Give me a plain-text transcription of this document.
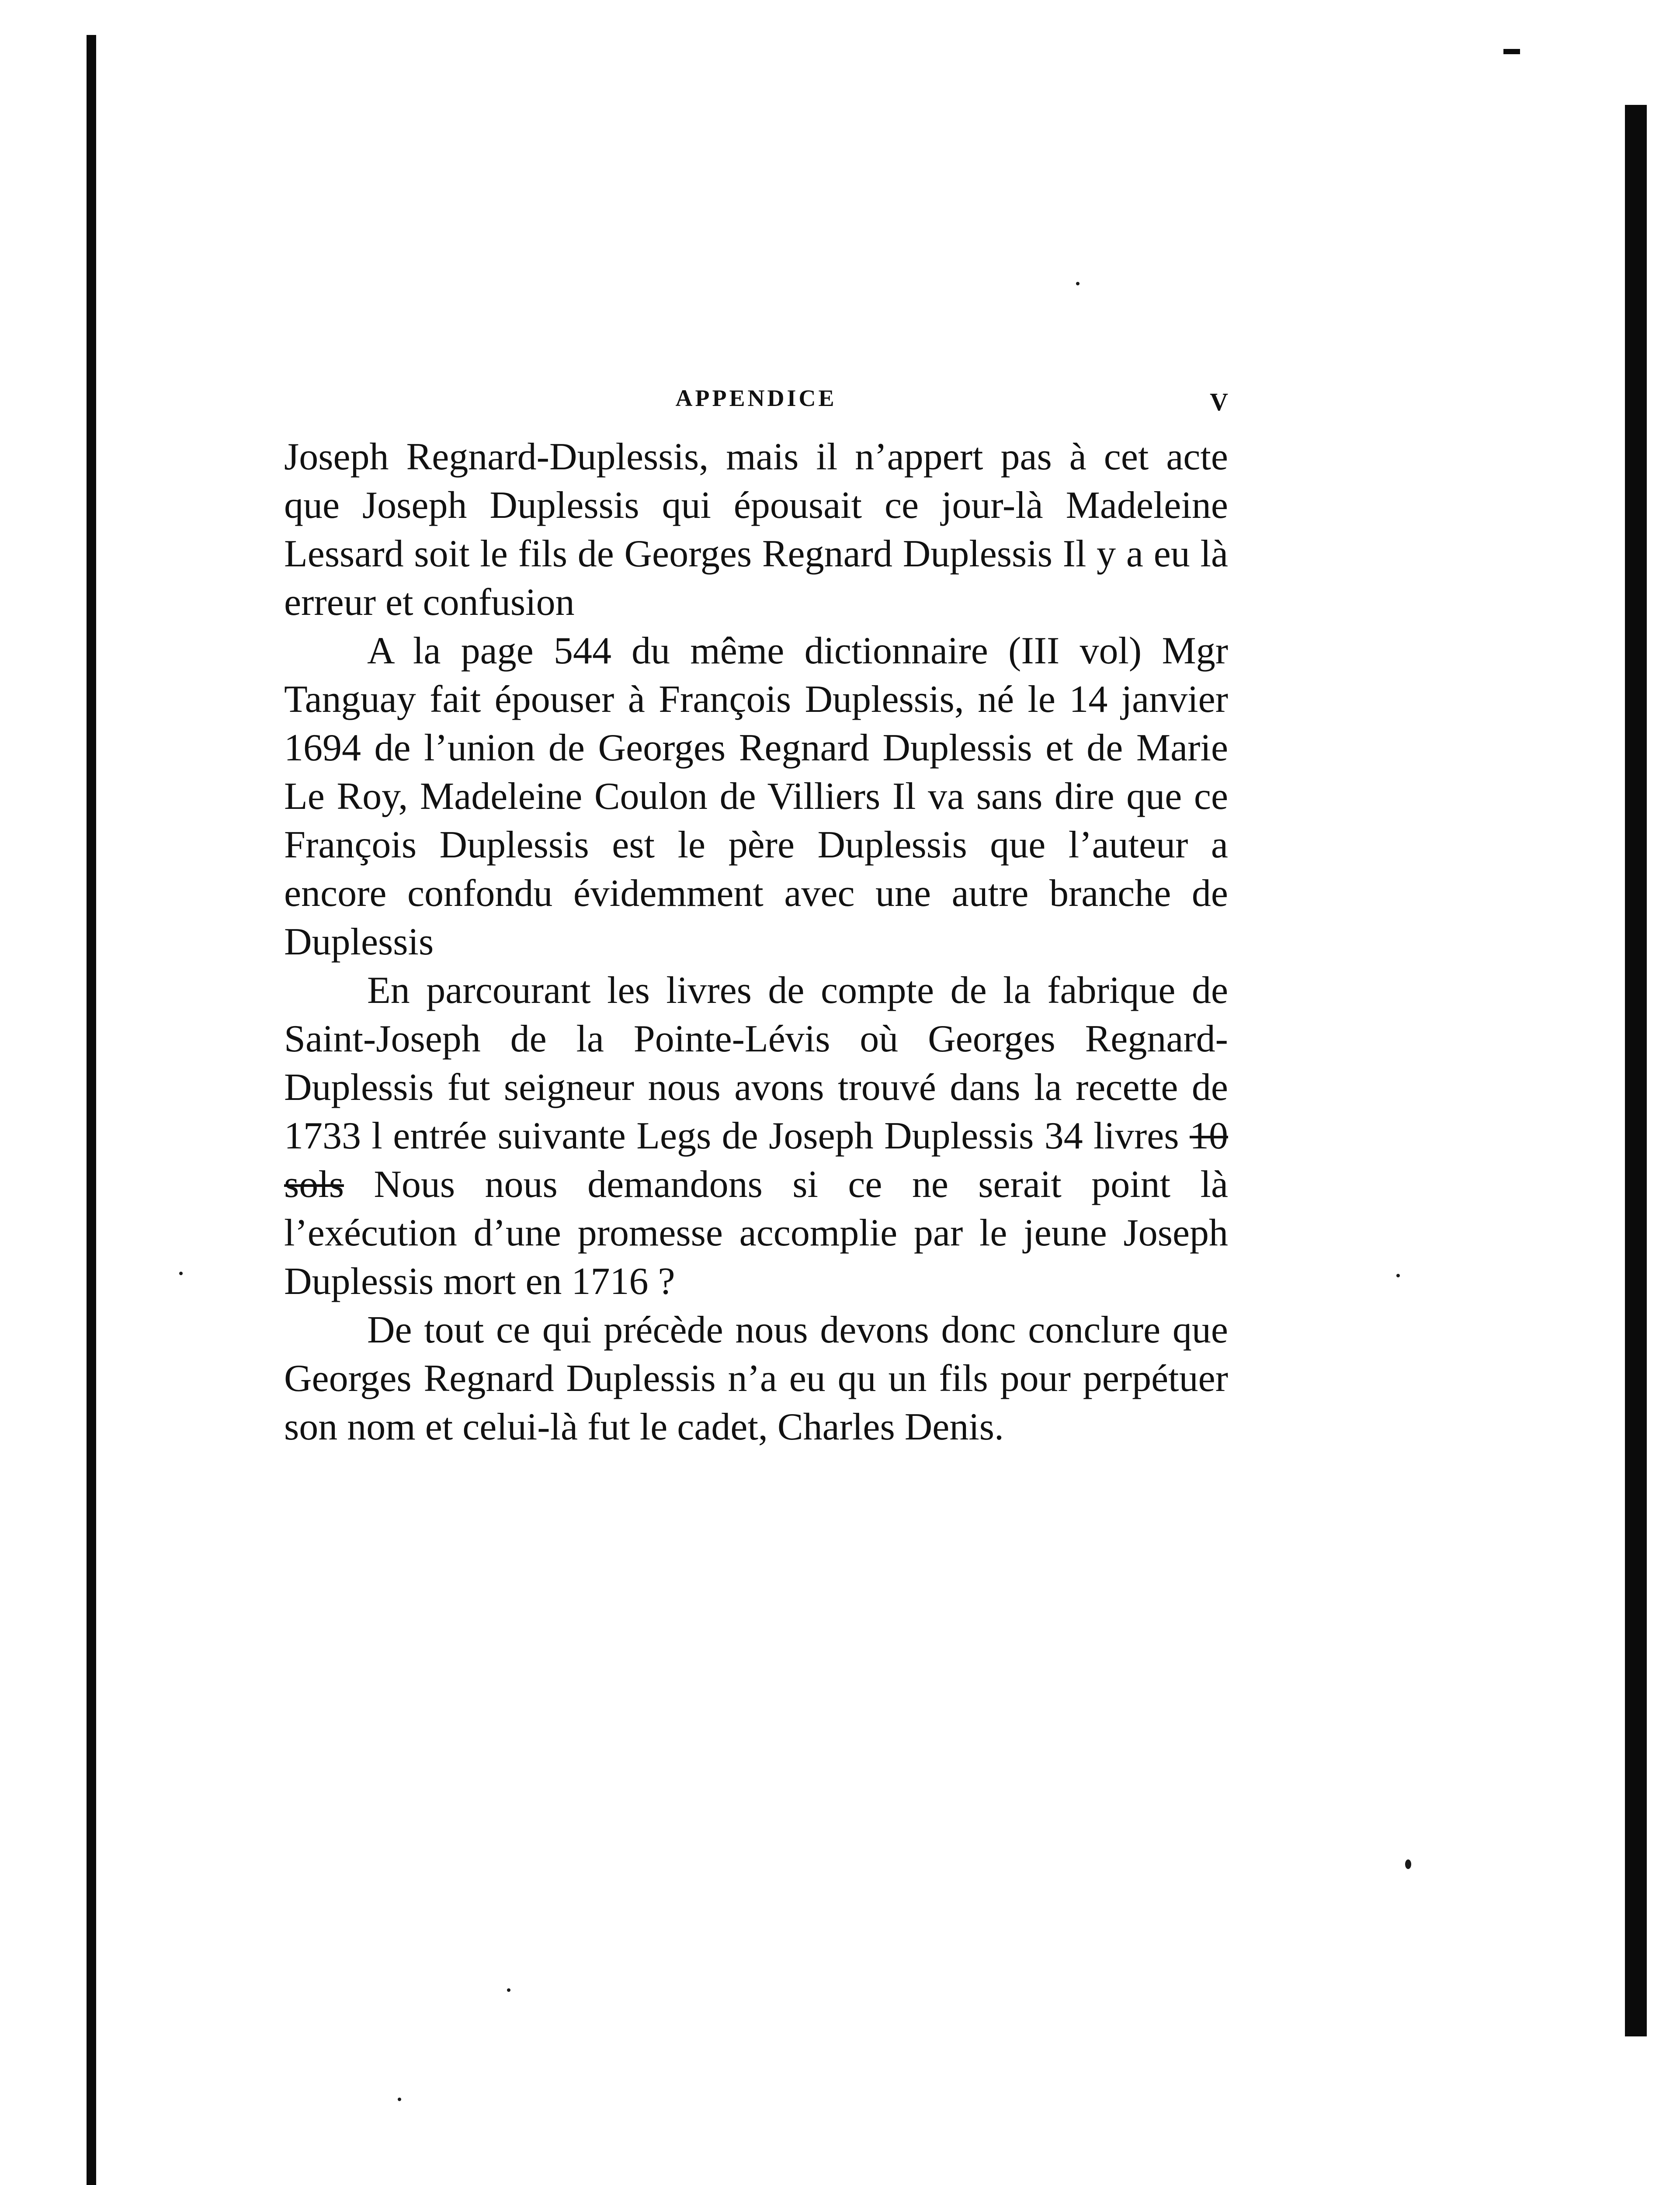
APPENDICE	V

Joseph Regnard-Duplessis, mais il n’appert pas à cet acte que Joseph Duplessis qui épousait ce jour-là Madeleine Lessard soit le fils de Georges Regnard Duplessis Il y a eu là erreur et confusion

A la page 544 du même dictionnaire (III vol) Mgr Tanguay fait épouser à François Duplessis, né le 14 janvier 1694 de l’union de Georges Regnard Duplessis et de Marie Le Roy, Madeleine Coulon de Villiers Il va sans dire que ce François Duplessis est le père Duplessis que l’auteur a encore confondu évidemment avec une autre branche de Duplessis

En parcourant les livres de compte de la fabrique de Saint-Joseph de la Pointe-Lévis où Georges Regnard-Duplessis fut seigneur nous avons trouvé dans la recette de 1733 l entrée suivante Legs de Joseph Duplessis 34 livres 10 sols Nous nous demandons si ce ne serait point là l’exécution d’une promesse accomplie par le jeune Joseph Duplessis mort en 1716 ?

De tout ce qui précède nous devons donc conclure que Georges Regnard Duplessis n’a eu qu un fils pour perpétuer son nom et celui-là fut le cadet, Charles Denis.
